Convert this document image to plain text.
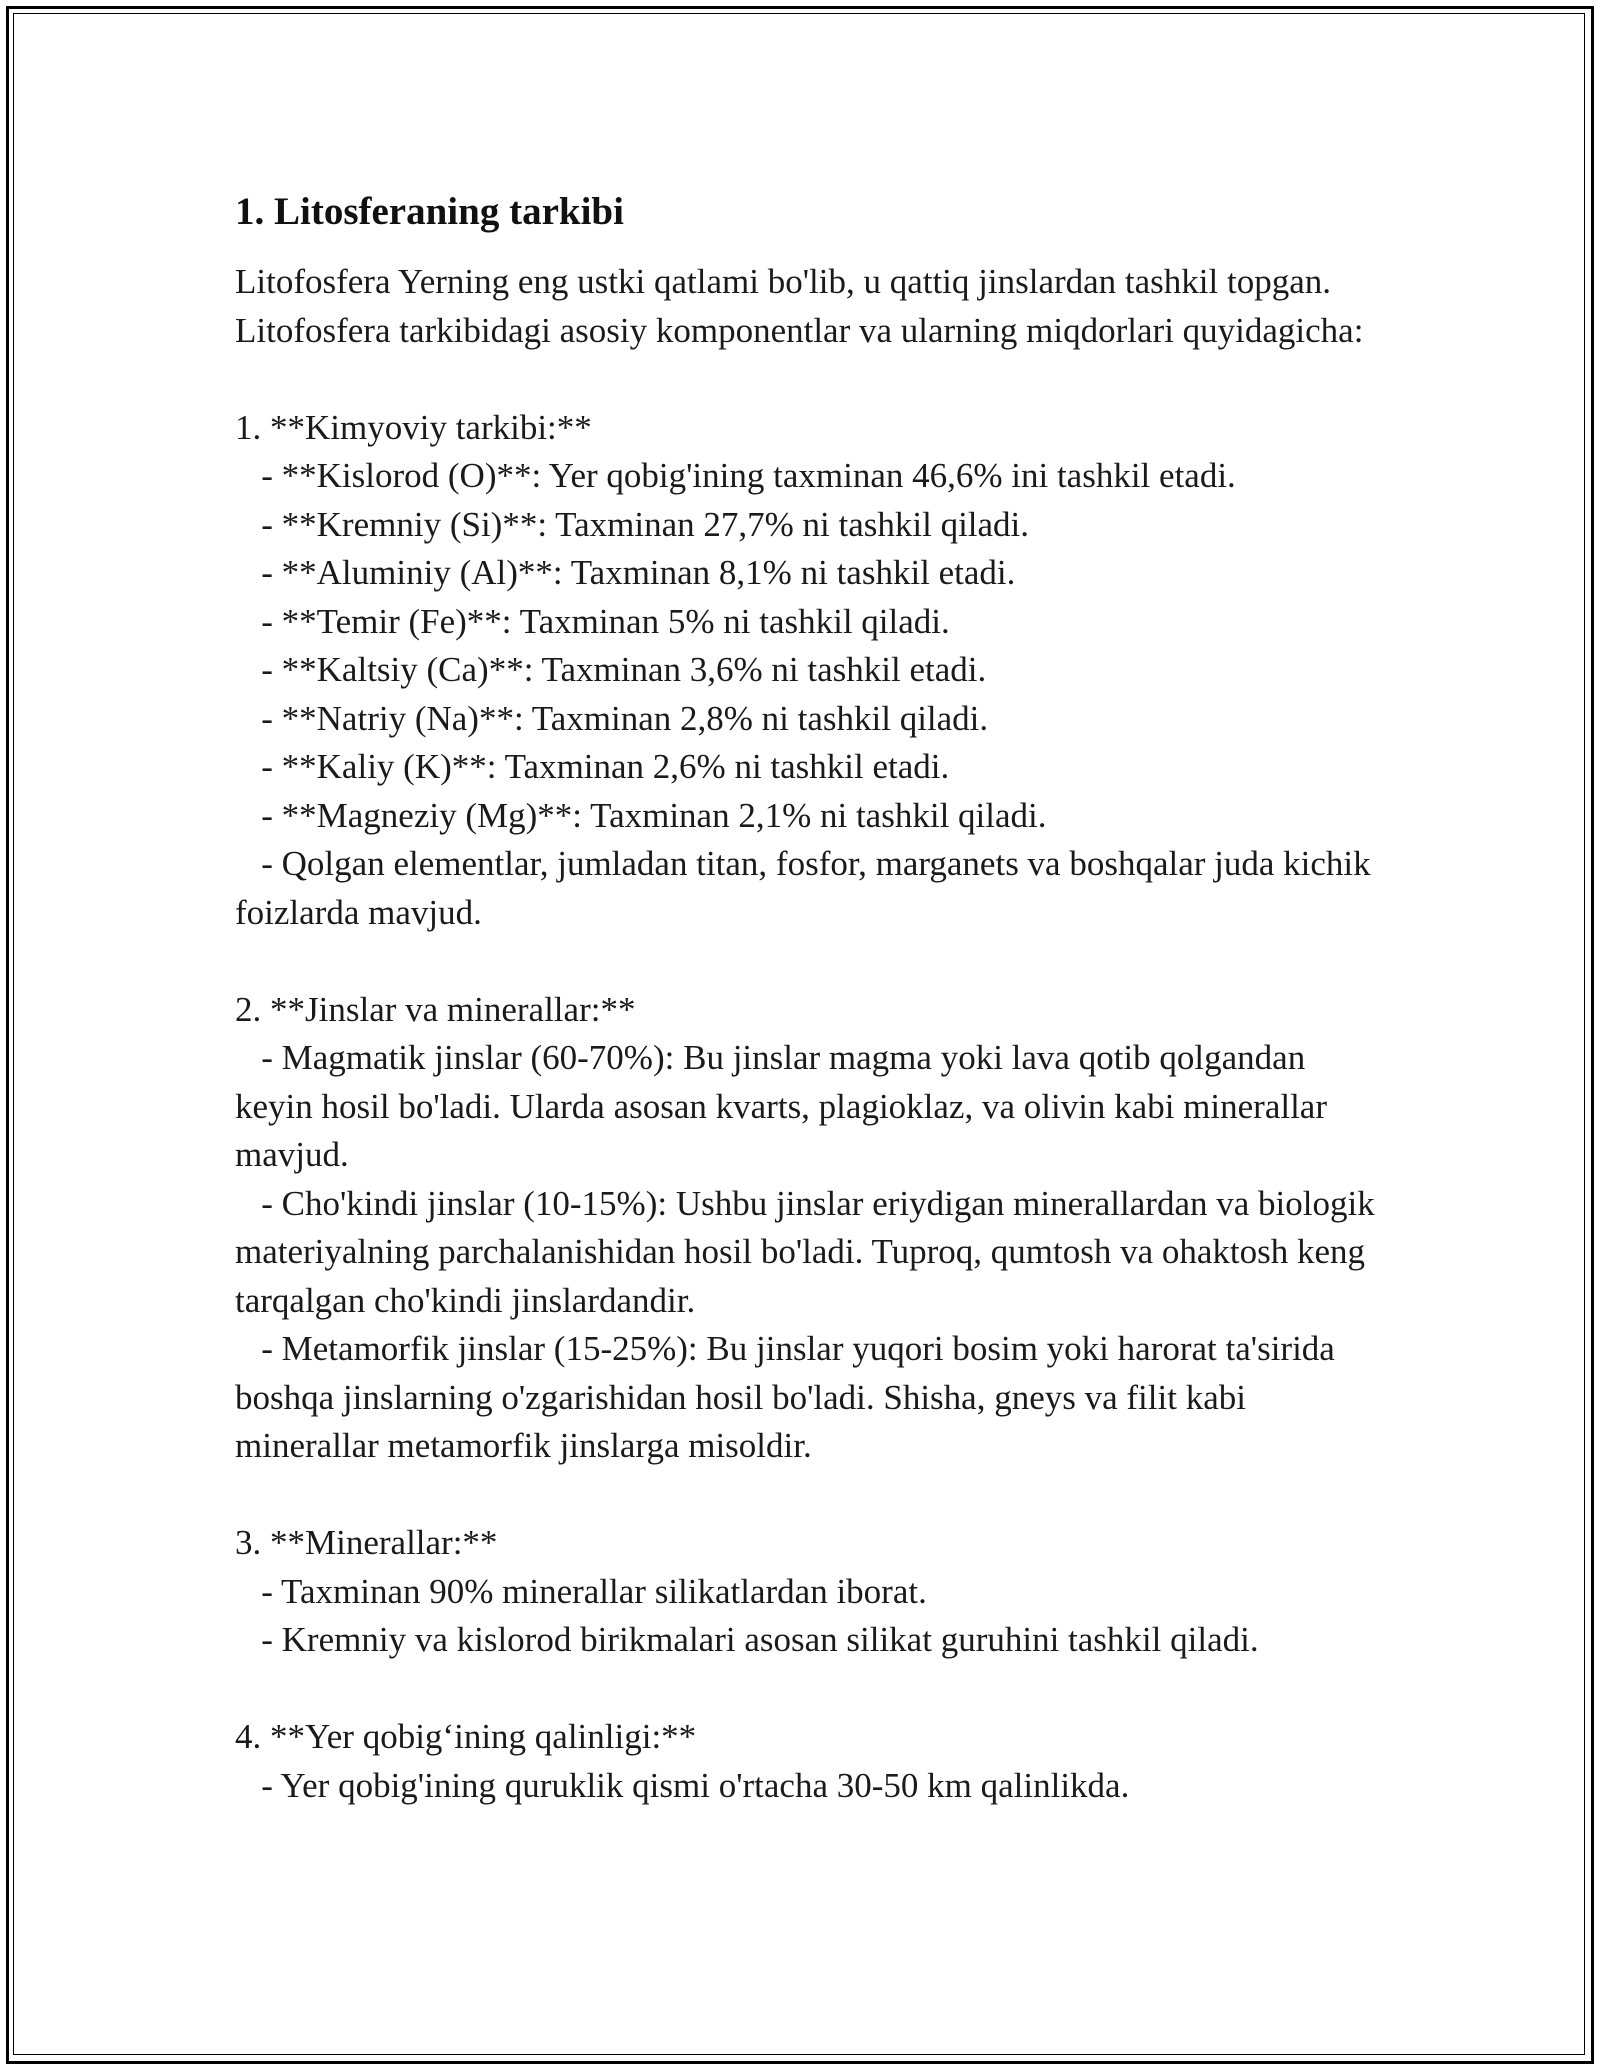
1. Litosferaning tarkibi

Litofosfera Yerning eng ustki qatlami bo'lib, u qattiq jinslardan tashkil topgan. Litofosfera tarkibidagi asosiy komponentlar va ularning miqdorlari quyidagicha:

1. **Kimyoviy tarkibi:**

- **Kislorod (O)**: Yer qobig'ining taxminan 46,6% ini tashkil etadi.

- **Kremniy (Si)**: Taxminan 27,7% ni tashkil qiladi.

- **Aluminiy (Al)**: Taxminan 8,1% ni tashkil etadi.

- **Temir (Fe)**: Taxminan 5% ni tashkil qiladi.

- **Kaltsiy (Ca)**: Taxminan 3,6% ni tashkil etadi.

- **Natriy (Na)**: Taxminan 2,8% ni tashkil qiladi.

- **Kaliy (K)**: Taxminan 2,6% ni tashkil etadi.

- **Magneziy (Mg)**: Taxminan 2,1% ni tashkil qiladi.

- Qolgan elementlar, jumladan titan, fosfor, marganets va boshqalar juda kichik foizlarda mavjud.

2. **Jinslar va minerallar:**

- Magmatik jinslar (60-70%): Bu jinslar magma yoki lava qotib qolgandan keyin hosil bo'ladi. Ularda asosan kvarts, plagioklaz, va olivin kabi minerallar mavjud.

- Cho'kindi jinslar (10-15%): Ushbu jinslar eriydigan minerallardan va biologik materiyalning parchalanishidan hosil bo'ladi. Tuproq, qumtosh va ohaktosh keng tarqalgan cho'kindi jinslardandir.

- Metamorfik jinslar (15-25%): Bu jinslar yuqori bosim yoki harorat ta'sirida boshqa jinslarning o'zgarishidan hosil bo'ladi. Shisha, gneys va filit kabi minerallar metamorfik jinslarga misoldir.

3. **Minerallar:**

- Taxminan 90% minerallar silikatlardan iborat.

- Kremniy va kislorod birikmalari asosan silikat guruhini tashkil qiladi.

4. **Yer qobig‘ining qalinligi:**

- Yer qobig'ining quruklik qismi o'rtacha 30-50 km qalinlikda.
